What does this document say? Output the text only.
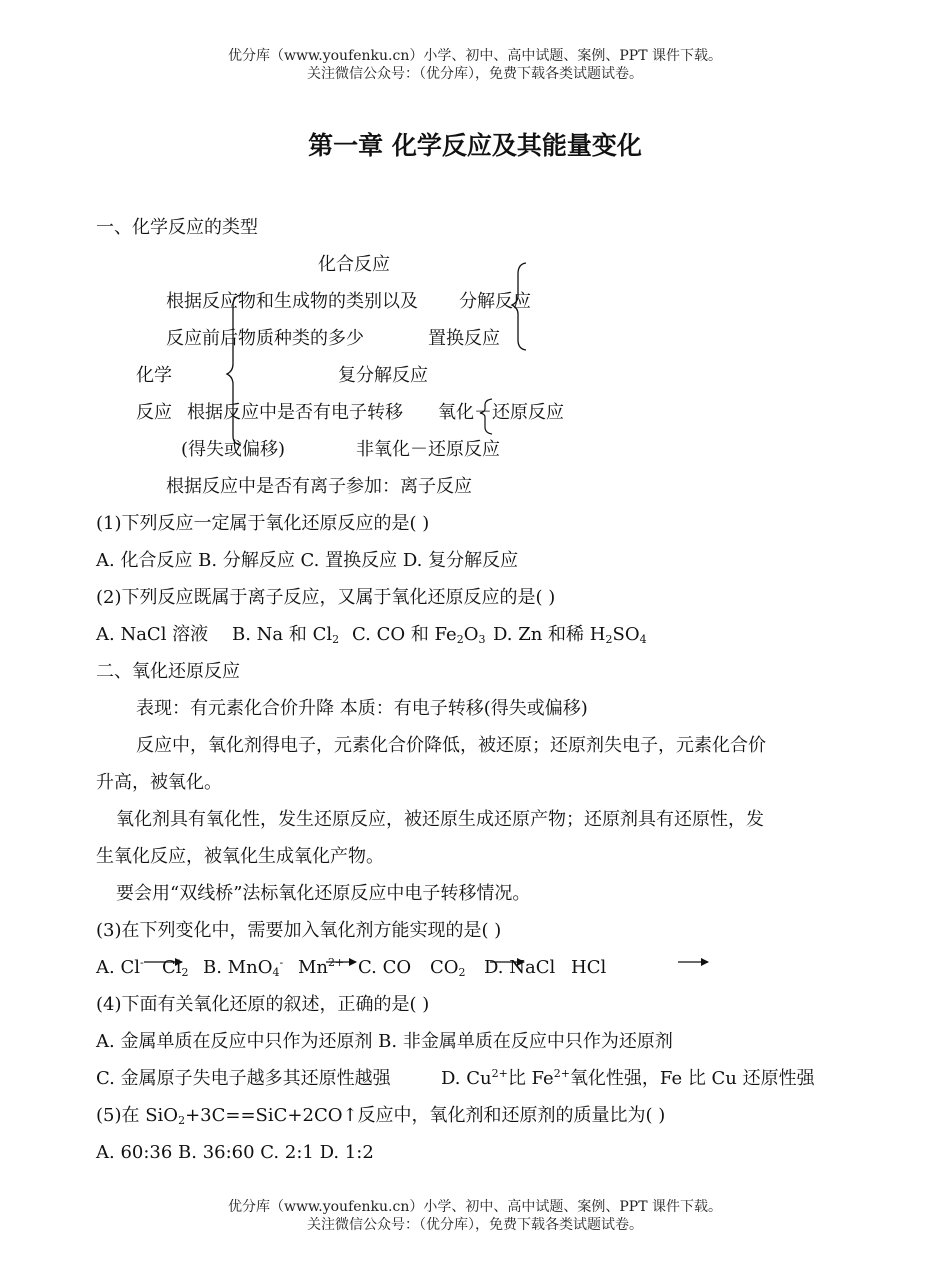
优分库（www.youfenku.cn）小学、初中、高中试题、案例、PPT 课件下载。
关注微信公众号：（优分库），免费下载各类试题试卷。
第一章 化学反应及其能量变化
一、化学反应的类型
化合反应
根据反应物和生成物的类别以及 分解反应
反应前后物质种类的多少	置换反应
化学	复分解反应
反应 根据反应中是否有电子转移 氧化－还原反应
(得失或偏移)	非氧化－还原反应
根据反应中是否有离子参加：离子反应
(1)下列反应一定属于氧化还原反应的是( )
A. 化合反应 B. 分解反应 C. 置换反应 D. 复分解反应
(2)下列反应既属于离子反应，又属于氧化还原反应的是( )
A. NaCl 溶液 B. Na 和 $Cl_2$ C. CO 和 $Fe_2O_3$ D. Zn 和稀 $H_2SO_4$
二、氧化还原反应
表现：有元素化合价升降 本质：有电子转移(得失或偏移)
反应中，氧化剂得电子，元素化合价降低，被还原；还原剂失电子，元素化合价
升高，被氧化。
氧化剂具有氧化性，发生还原反应，被还原生成还原产物；还原剂具有还原性，发
生氧化反应，被氧化生成氧化产物。
要会用“双线桥”法标氧化还原反应中电子转移情况。
(3)在下列变化中，需要加入氧化剂方能实现的是( )
A. Cl- $Cl_2$ B. MnO$_4$- $Mn^{2+}$ C. CO $CO_2$ D. NaCl HCl
(4)下面有关氧化还原的叙述，正确的是( )
A. 金属单质在反应中只作为还原剂 B. 非金属单质在反应中只作为还原剂
C. 金属原子失电子越多其还原性越强	D. $Cu^{2+}$比 $Fe^{2+}$氧化性强，Fe 比 Cu 还原性强
(5)在 SiO$_2$+3C==SiC+2CO↑反应中，氧化剂和还原剂的质量比为( )
A. 60:36 B. 36:60 C. 2:1 D. 1:2
优分库（www.youfenku.cn）小学、初中、高中试题、案例、PPT 课件下载。
关注微信公众号：（优分库），免费下载各类试题试卷。
